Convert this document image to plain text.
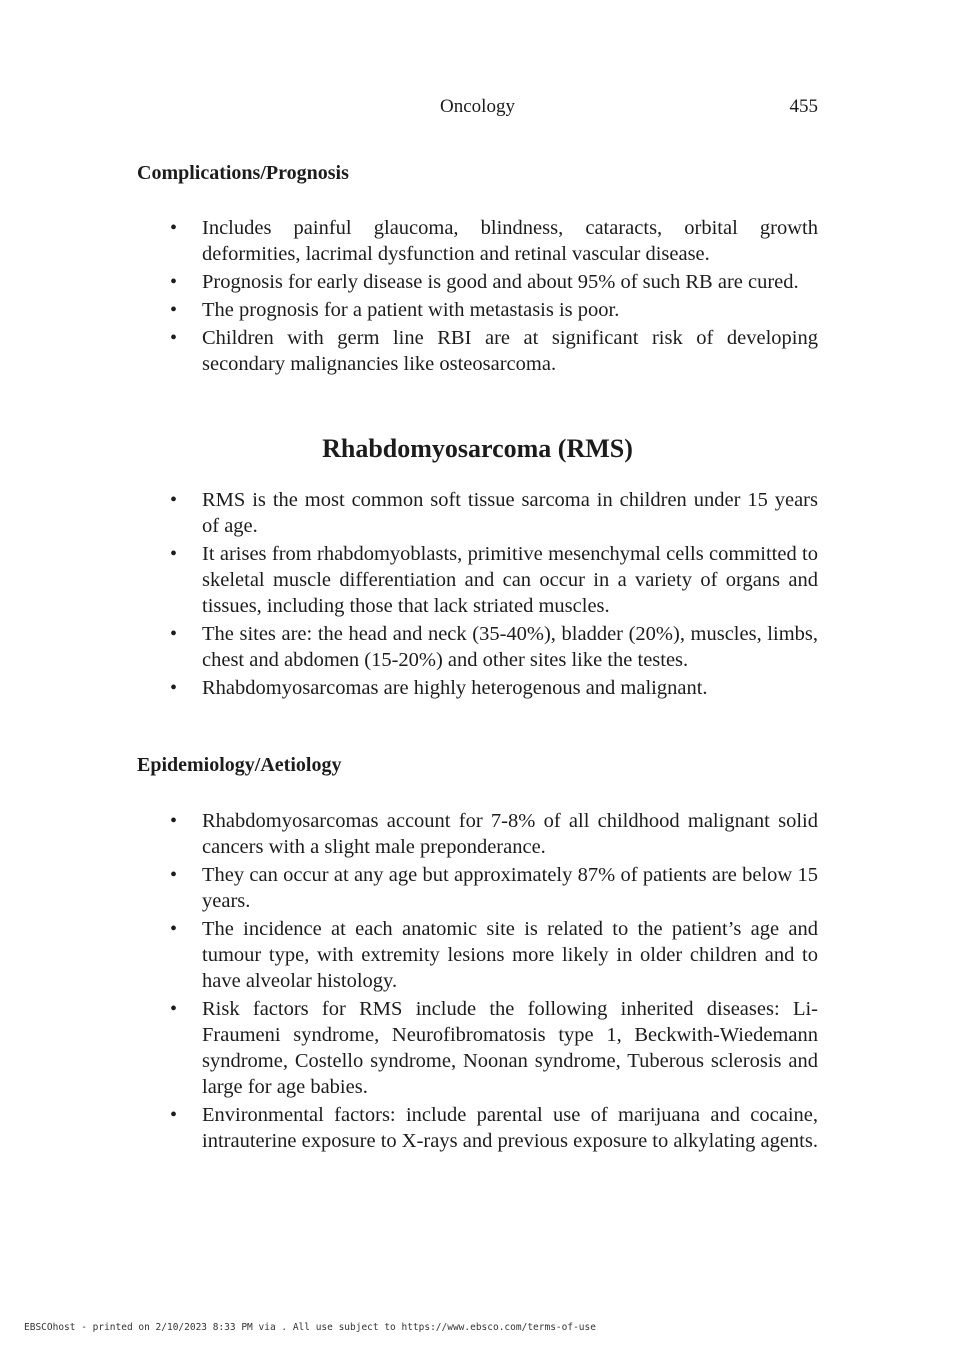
Oncology	455
Complications/Prognosis
• Includes painful glaucoma, blindness, cataracts, orbital growth deformities, lacrimal dysfunction and retinal vascular disease.
• Prognosis for early disease is good and about 95% of such RB are cured.
• The prognosis for a patient with metastasis is poor.
• Children with germ line RBI are at significant risk of developing secondary malignancies like osteosarcoma.
Rhabdomyosarcoma (RMS)
• RMS is the most common soft tissue sarcoma in children under 15 years of age.
• It arises from rhabdomyoblasts, primitive mesenchymal cells committed to skeletal muscle differentiation and can occur in a variety of organs and tissues, including those that lack striated muscles.
• The sites are: the head and neck (35-40%), bladder (20%), muscles, limbs, chest and abdomen (15-20%) and other sites like the testes.
• Rhabdomyosarcomas are highly heterogenous and malignant.
Epidemiology/Aetiology
• Rhabdomyosarcomas account for 7-8% of all childhood malignant solid cancers with a slight male preponderance.
• They can occur at any age but approximately 87% of patients are below 15 years.
• The incidence at each anatomic site is related to the patient’s age and tumour type, with extremity lesions more likely in older children and to have alveolar histology.
• Risk factors for RMS include the following inherited diseases: Li-Fraumeni syndrome, Neurofibromatosis type 1, Beckwith-Wiedemann syndrome, Costello syndrome, Noonan syndrome, Tuberous sclerosis and large for age babies.
• Environmental factors: include parental use of marijuana and cocaine, intrauterine exposure to X-rays and previous exposure to alkylating agents.
EBSCOhost - printed on 2/10/2023 8:33 PM via . All use subject to https://www.ebsco.com/terms-of-use
